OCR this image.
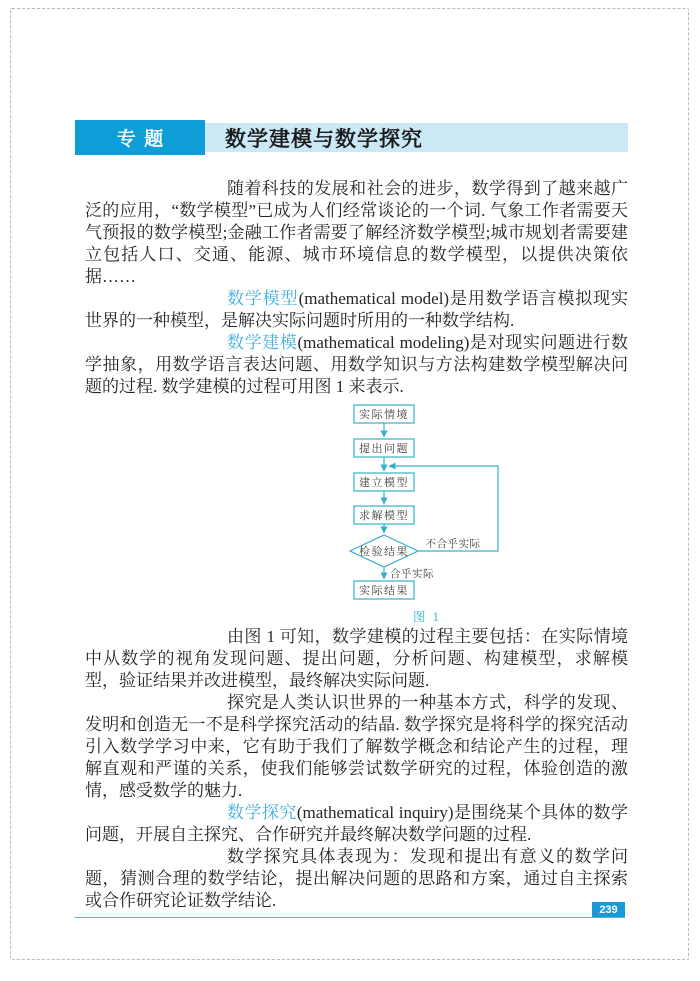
专题	数学建模与数学探究

随着科技的发展和社会的进步，数学得到了越来越广泛的应用，“数学模型”已成为人们经常谈论的一个词. 气象工作者需要天气预报的数学模型;金融工作者需要了解经济数学模型;城市规划者需要建立包括人口、交通、能源、城市环境信息的数学模型，以提供决策依据……

数学模型(mathematical model)是用数学语言模拟现实世界的一种模型，是解决实际问题时所用的一种数学结构.

数学建模(mathematical modeling)是对现实问题进行数学抽象，用数学语言表达问题、用数学知识与方法构建数学模型解决问题的过程. 数学建模的过程可用图 1 来表示.

实际情境
提出问题
建立模型
求解模型
检验结果
实际结果
不合乎实际
合乎实际
图 1

由图 1 可知，数学建模的过程主要包括：在实际情境中从数学的视角发现问题、提出问题，分析问题、构建模型，求解模型，验证结果并改进模型，最终解决实际问题.

探究是人类认识世界的一种基本方式，科学的发现、发明和创造无一不是科学探究活动的结晶. 数学探究是将科学的探究活动引入数学学习中来，它有助于我们了解数学概念和结论产生的过程，理解直观和严谨的关系，使我们能够尝试数学研究的过程，体验创造的激情，感受数学的魅力.

数学探究(mathematical inquiry)是围绕某个具体的数学问题，开展自主探究、合作研究并最终解决数学问题的过程.

数学探究具体表现为：发现和提出有意义的数学问题，猜测合理的数学结论，提出解决问题的思路和方案，通过自主探索或合作研究论证数学结论.	239
